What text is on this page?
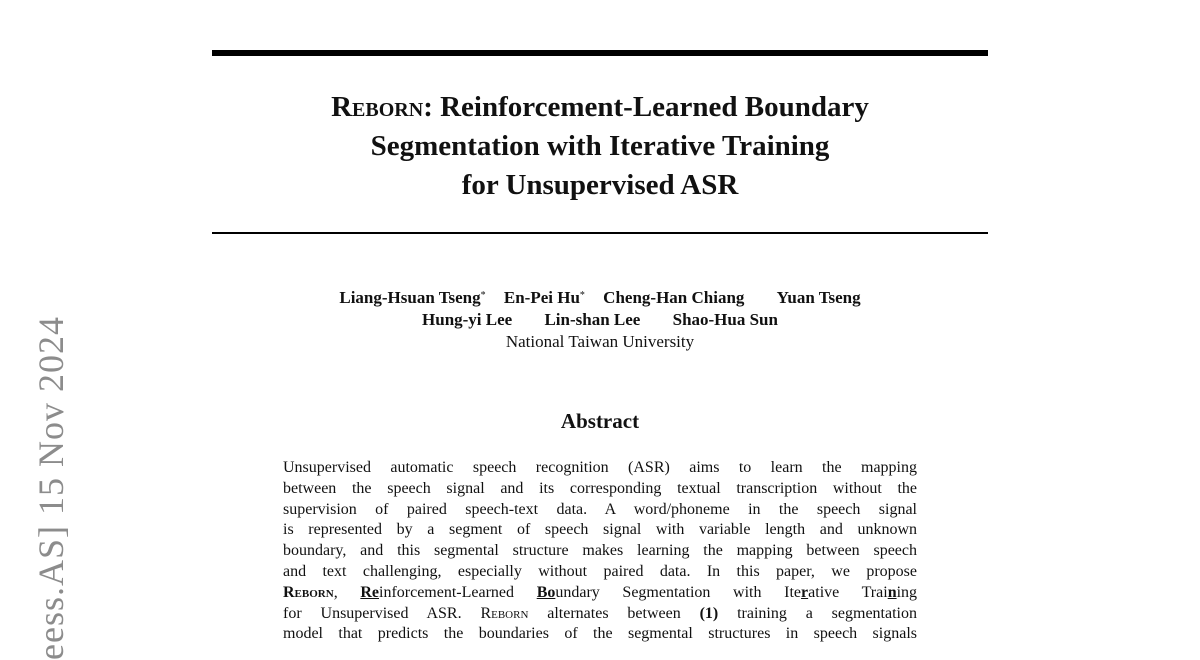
eess.AS] 15 Nov 2024
Reborn: Reinforcement-Learned Boundary
Segmentation with Iterative Training
for Unsupervised ASR
Liang-Hsuan Tseng* En-Pei Hu* Cheng-Han Chiang Yuan Tseng
Hung-yi Lee Lin-shan Lee Shao-Hua Sun
National Taiwan University
Abstract
Unsupervised automatic speech recognition (ASR) aims to learn the mapping
between the speech signal and its corresponding textual transcription without the
supervision of paired speech-text data. A word/phoneme in the speech signal
is represented by a segment of speech signal with variable length and unknown
boundary, and this segmental structure makes learning the mapping between speech
and text challenging, especially without paired data. In this paper, we propose
Reborn, Reinforcement-Learned Boundary Segmentation with Iterative Training
for Unsupervised ASR. Reborn alternates between (1) training a segmentation
model that predicts the boundaries of the segmental structures in speech signals
